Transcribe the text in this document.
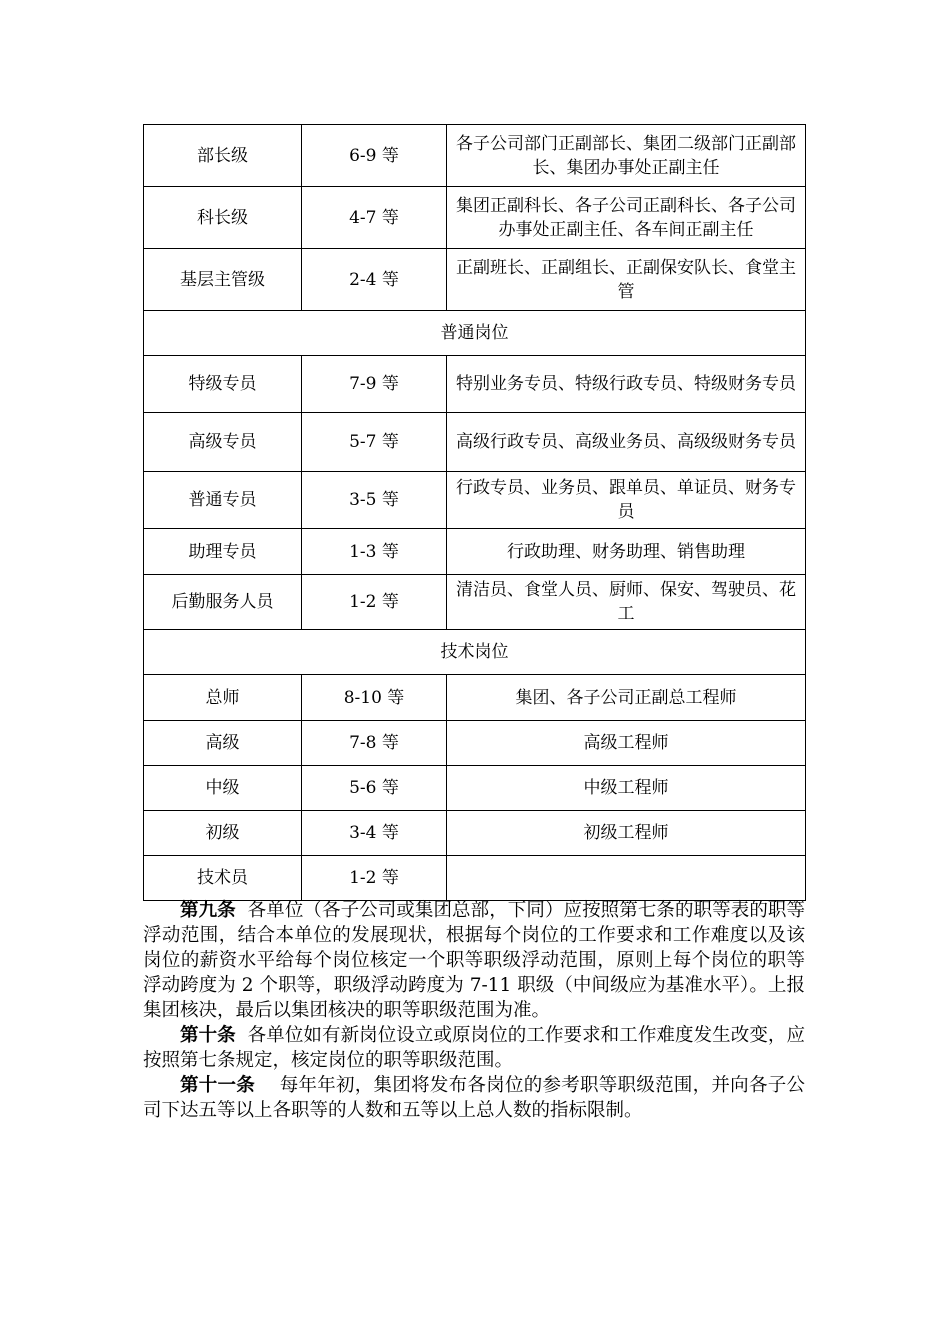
部长级	6-9 等	各子公司部门正副部长、集团二级部门正副部长、集团办事处正副主任
科长级	4-7 等	集团正副科长、各子公司正副科长、各子公司办事处正副主任、各车间正副主任
基层主管级	2-4 等	正副班长、正副组长、正副保安队长、食堂主管
普通岗位		
特级专员	7-9 等	特别业务专员、特级行政专员、特级财务专员
高级专员	5-7 等	高级行政专员、高级业务员、高级级财务专员
普通专员	3-5 等	行政专员、业务员、跟单员、单证员、财务专员
助理专员	1-3 等	行政助理、财务助理、销售助理
后勤服务人员	1-2 等	清洁员、食堂人员、厨师、保安、驾驶员、花工
技术岗位		
总师	8-10 等	集团、各子公司正副总工程师
高级	7-8 等	高级工程师
中级	5-6 等	中级工程师
初级	3-4 等	初级工程师
技术员	1-2 等	

第九条 各单位（各子公司或集团总部，下同）应按照第七条的职等表的职等浮动范围，结合本单位的发展现状，根据每个岗位的工作要求和工作难度以及该岗位的薪资水平给每个岗位核定一个职等职级浮动范围，原则上每个岗位的职等浮动跨度为 2 个职等，职级浮动跨度为 7-11 职级（中间级应为基准水平）。上报集团核决，最后以集团核决的职等职级范围为准。

第十条 各单位如有新岗位设立或原岗位的工作要求和工作难度发生改变，应按照第七条规定，核定岗位的职等职级范围。

第十一条 每年年初，集团将发布各岗位的参考职等职级范围，并向各子公司下达五等以上各职等的人数和五等以上总人数的指标限制。
